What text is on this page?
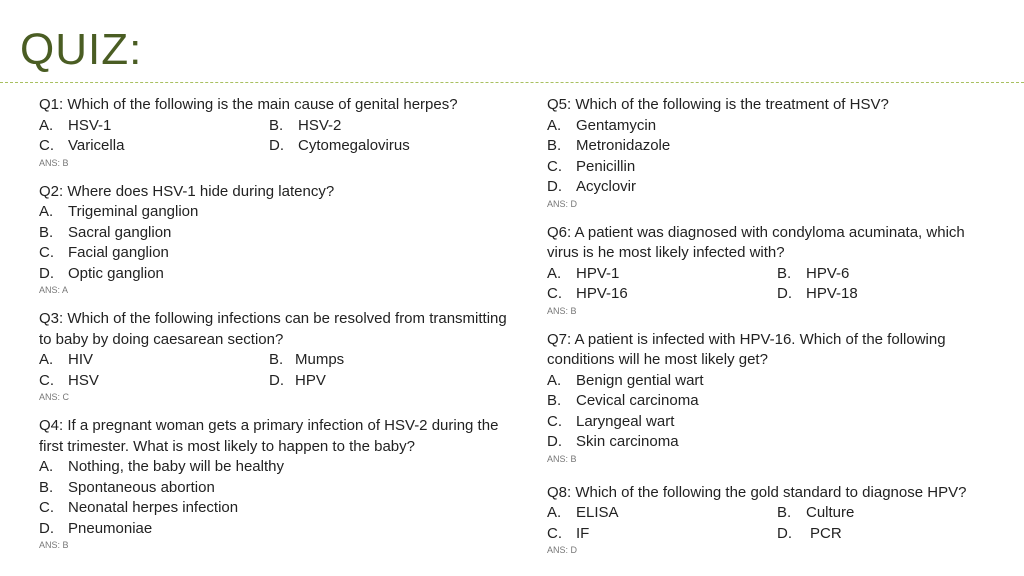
QUIZ:
Q1: Which of the following is the main cause of genital herpes?
A. HSV-1	B. HSV-2
C. Varicella	D. Cytomegalovirus
ANS: B
Q2: Where does HSV-1 hide during latency?
A. Trigeminal ganglion
B. Sacral ganglion
C. Facial ganglion
D. Optic ganglion
ANS: A
Q3: Which of the following infections can be resolved from transmitting to baby by doing caesarean section?
A. HIV	B. Mumps
C. HSV	D. HPV
ANS: C
Q4: If a pregnant woman gets a primary infection of HSV-2 during the first trimester. What is most likely to happen to the baby?
A. Nothing, the baby will be healthy
B. Spontaneous abortion
C. Neonatal herpes infection
D. Pneumoniae
ANS: B
Q5: Which of the following is the treatment of HSV?
A. Gentamycin
B. Metronidazole
C. Penicillin
D. Acyclovir
ANS: D
Q6: A patient was diagnosed with condyloma acuminata, which virus is he most likely infected with?
A. HPV-1	B. HPV-6
C. HPV-16	D. HPV-18
ANS: B
Q7: A patient is infected with HPV-16. Which of the following conditions will he most likely get?
A. Benign gential wart
B. Cevical carcinoma
C. Laryngeal wart
D. Skin carcinoma
ANS: B
Q8: Which of the following the gold standard to diagnose HPV?
A. ELISA	B. Culture
C. IF	D.	PCR
ANS: D
